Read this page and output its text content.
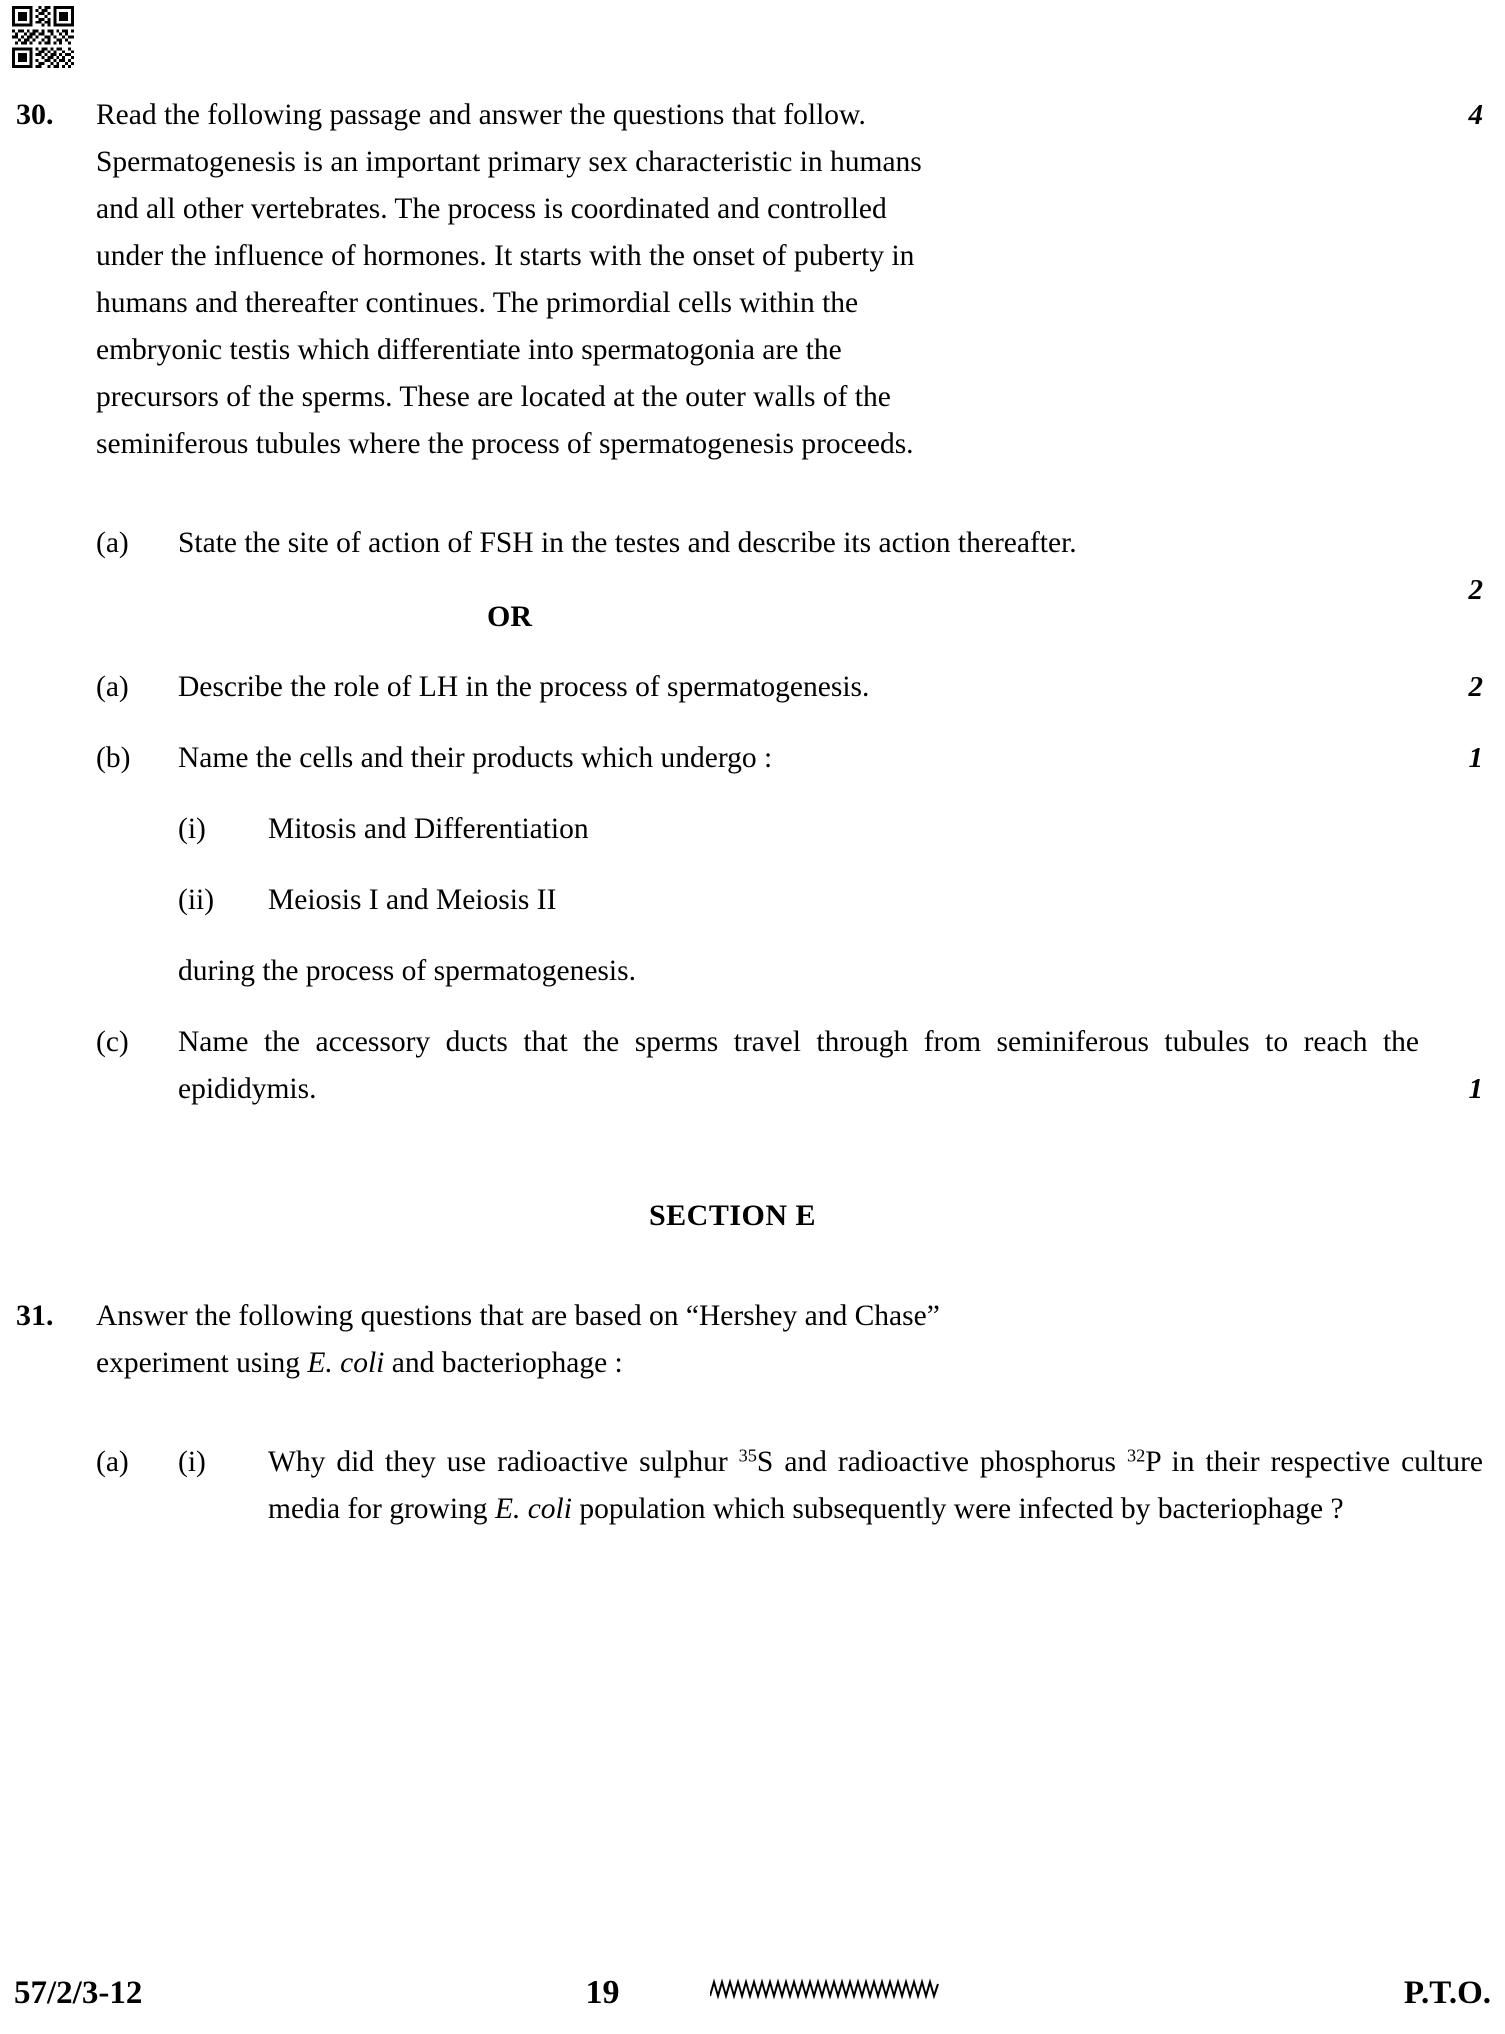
30.	Read the following passage and answer the questions that follow.	4

Spermatogenesis is an important primary sex characteristic in humans

and all other vertebrates. The process is coordinated and controlled

under the influence of hormones. It starts with the onset of puberty in

humans and thereafter continues. The primordial cells within the

embryonic testis which differentiate into spermatogonia are the

precursors of the sperms. These are located at the outer walls of the

seminiferous tubules where the process of spermatogenesis proceeds.

(a)	State the site of action of FSH in the testes and describe its action thereafter.

2
OR
(a)	Describe the role of LH in the process of spermatogenesis.	2

(b)	Name the cells and their products which undergo :	1

(i)	Mitosis and Differentiation
(ii)	Meiosis I and Meiosis II

during the process of spermatogenesis.

(c)	Name the accessory ducts that the sperms travel through from seminiferous tubules to reach the epididymis.	1
SECTION E
31.	Answer the following questions that are based on “Hershey and Chase”

experiment using E. coli and bacteriophage :

(a)	(i)	Why did they use radioactive sulphur $^{35}$S and radioactive phosphorus $^{32}$P in their respective culture media for growing E. coli population which subsequently were infected by bacteriophage ?

57/2/3-12	19	P.T.O.
